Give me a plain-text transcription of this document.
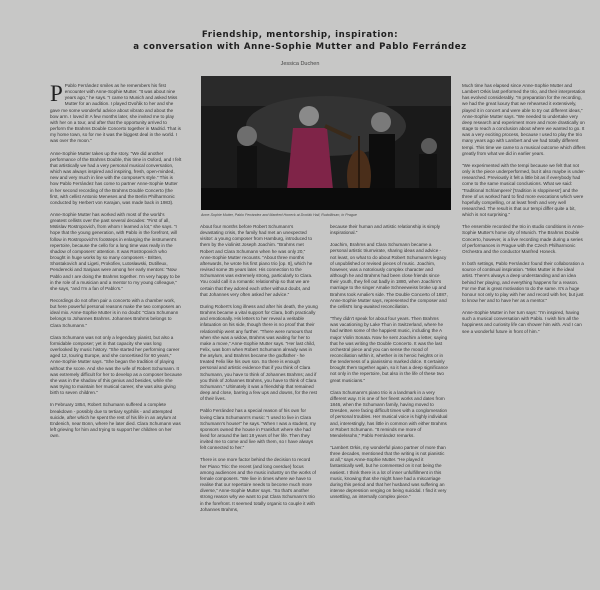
Friendship, mentorship, inspiration:
a conversation with Anne-Sophie Mutter and Pablo Ferrández
Jessica Duchen

P Pablo Ferrández smiles as he remembers his first encounter with Anne-Sophie Mutter. "It was about nine years ago," he says. "I came to Munich and asked Miss Mutter for an audition. I played Dvořák to her and she gave me some wonderful advice about vibrato and about the bow arm. I loved it! A few months later, she invited me to play with her on a tour, and after that the opportunity arrived to perform the Brahms Double Concerto together in Madrid. That is my home town, so for me it was the biggest deal in the world. I was over the moon."

Anne-Sophie Mutter takes up the story. "We did another performance of the Brahms Double, this time in Oxford, and I felt that artistically we had a very personal musical conversation, which was always inspired and inspiring, fresh, open-minded, new and very much in line with the composer's style." This is how Pablo Ferrández has come to partner Anne-Sophie Mutter in her second recording of the Brahms Double Concerto (the first, with cellist Antonio Meneses and the Berlin Philharmonic conducted by Herbert von Karajan, was made back in 1983).

Anne-Sophie Mutter has worked with most of the world's greatest cellists over the past several decades: "First of all, Mstislav Rostropovich, from whom I learned a lot," she says. "I hope that the young generation, with Pablo in the forefront, will follow in Rostropovich's footsteps in enlarging the instrument's repertoire, because the cello for a long time was really in the shadow of composers' attention. It was Rostropovich who brought in huge works by so many composers - Britten, Shostakovich and Ligeti, Prokofiev, Lutosławski, Dutilleux, Penderecki and Sanjaas were among her early mentors: "Now Pablo and I are doing the Brahms together. I'm very happy to be in the role of a musician and a mentor to my young colleague," she says, "and I'm a fan of Pablo's."

Recordings do not often pair a concerto with a chamber work, but here powerful personal reasons make the two composers an ideal mix. Anne-Sophie Mutter is in no doubt: "Clara Schumann belongs to Johannes Brahms. Johannes Brahms belongs to Clara Schumann."

Clara Schumann was not only a legendary pianist, but also a formidable composer; yet in that capacity she was long overlooked by music history. "She started her performing career aged 12, touring Europe, and she concertised for 60 years," Anne-Sophie Mutter says. "She began the tradition of playing without the score. And she was the wife of Robert Schumann. It was extremely difficult for her to develop as a composer because she was in the shadow of this genius and besides, while she was trying to maintain her musical career, she was also giving birth to seven children."

In February 1854, Robert Schumann suffered a complete breakdown - possibly due to tertiary syphilis - and attempted suicide, after which he spent the rest of his life in an asylum at Endenich, near Bonn, where he later died. Clara Schumann was left grieving for him and trying to support her children on her own.

Anne-Sophie Mutter, Pablo Ferrández and Manfred Honeck at Dvořák Hall, Rudolfinum, in Prague

About four months before Robert Schumann's devastating crisis, the family had met an unexpected visitor: a young composer from Hamburg, introduced to them by the violinist Joseph Joachim. "Brahms met Robert and Clara Schumann when he was only 20," Anne-Sophie Mutter recounts. "About three months afterwards, he wrote his first piano trio [op. 8], which he revised some 35 years later. His connection to the Schumanns was extremely strong, particularly to Clara. You could call it a romantic relationship so that we are certain that they adored each other without doubt, and that Johannes very often asked her advice."

During Robert's long illness and after his death, the young Brahms became a vital support for Clara, both practically and emotionally. His letters to her reveal a veritable infatuation on his side, though there is no proof that their relationship went any further. "There were rumours that when she was a widow, Brahms was waiting for her to make a move," Anne-Sophie Mutter says. "Her last child, Felix, was born when Robert Schumann already was in the asylum, and Brahms became the godfather - he treated Felix like his own son. So there is enough personal and artistic evidence that if you think of Clara Schumann, you have to think of Johannes Brahms; and if you think of Johannes Brahms, you have to think of Clara Schumann." Ultimately it was a friendship that remained deep and close, barring a few ups and downs, for the rest of their lives.

Pablo Ferrández has a special reason of his own for loving Clara Schumann's music: "I used to live in Clara Schumann's house!" he says. "When I was a student, my sponsors owned the house in Frankfurt where she had lived for around the last 18 years of her life. Then they invited me to come and live with them, so I have always felt connected to her."

There is one more factor behind the decision to record her Piano Trio: the recent (and long overdue) focus among audiences and the music industry on the works of female composers. "We live in times where we have to realise that our repertoire needs to become much more diverse," Anne-Sophie Mutter says. "So that's another strong reason why we want to put Clara Schumann's trio in the forefront. It seemed totally organic to couple it with Johannes Brahms,

because their human and artistic relationship is simply inspirational."

Joachim, Brahms and Clara Schumann became a personal artistic triumvirate, sharing ideas and advice - not least, on what to do about Robert Schumann's legacy of unpublished or revised pieces of music. Joachim, however, was a notoriously complex character and although he and Brahms had been close friends since their youth, they fell out badly in 1880, when Joachim's marriage to the singer Amalie Schneeweiss broke up and Brahms took Amalie's side. The Double Concerto of 1887, Anne-Sophie Mutter says, represented the composer and the cellist's long-awaited reconciliation.

"They didn't speak for about four years. Then Brahms was vacationing by Lake Thun in Switzerland, where he had written some of the happiest music, including the A major Violin Sonata. Now he sent Joachim a letter, saying that he was writing the Double Concerto. It was the last orchestral piece and you can sense the mood of reconciliation within it, whether in its heroic heights or in the tenderness of a pianissimo marked dolce. It certainly brought them together again, so it has a deep significance not only in the repertoire, but also in the life of these two great musicians."

Clara Schumann's piano trio is a landmark in a very different way. It is one of her finest works and dates from 1846, when the Schumann family, having moved to Dresden, were facing difficult times with a conglomeration of personal troubles. Her musical voice is highly individual and, interestingly, has little in common with either Brahms or Robert Schumann. "It reminds me more of Mendelssohn," Pablo Ferrández remarks.

"Lambert Orkis, my wonderful piano partner of more than three decades, mentioned that the writing is not pianistic at all," says Anne-Sophie Mutter. "He played it fantastically well, but he commented on it not being the easiest. I think there is a lot of inner unfulfillment in this music, knowing that she might have had a miscarriage during this period and that her husband was suffering an intense depression verging on being suicidal. I find it very unsettling, an internally complex piece."

Much time has elapsed since Anne-Sophie Mutter and Lambert Orkis last performed the trio, and their interpretation has evolved considerably. "In preparation for the recording, we had the great luxury that we rehearsed it extensively, played it in concert and were able to try out different ideas," Anne-Sophie Mutter says. "We needed to undertake very deep research and experiment more and more drastically on stage to reach a conclusion about where we wanted to go. It was a very exciting process, because I used to play the trio many years ago with Lambert and we had totally different tempi. This time we came to a musical outcome which differs greatly from what we did in earlier years.

"We experimented with the tempi because we felt that not only is the piece underperformed, but it also maybe is under-researched. Previously it felt a little bit as if everybody had come to the same musical conclusions. What we said: 'Traditional Schlamperei' ['tradition is sloppiness'] and the three of us worked hard to find more evocations which were hopefully compelling, or at least fresh and very well researched. The result is that our tempi differ quite a bit, which is not surprising."

The ensemble recorded the trio in studio conditions in Anne-Sophie Mutter's home city of Munich. The Brahms Double Concerto, however, is a live recording made during a series of performances in Prague with the Czech Philharmonic Orchestra and the conductor Manfred Honeck.

In both settings, Pablo Ferrández found their collaboration a source of continual inspiration. "Miss Mutter is the ideal artist. There's always a deep understanding and an idea behind her playing, and everything happens for a reason. For me that is great motivation to do the same. It's a huge honour not only to play with her and record with her, but just to know her and to have her as a mentor."

Anne-Sophie Mutter in her turn says: "I'm inspired, having such a musical conversation with Pablo. I wish him all the happiness and curiosity life can shower him with. And I can see a wonderful future in front of him."
